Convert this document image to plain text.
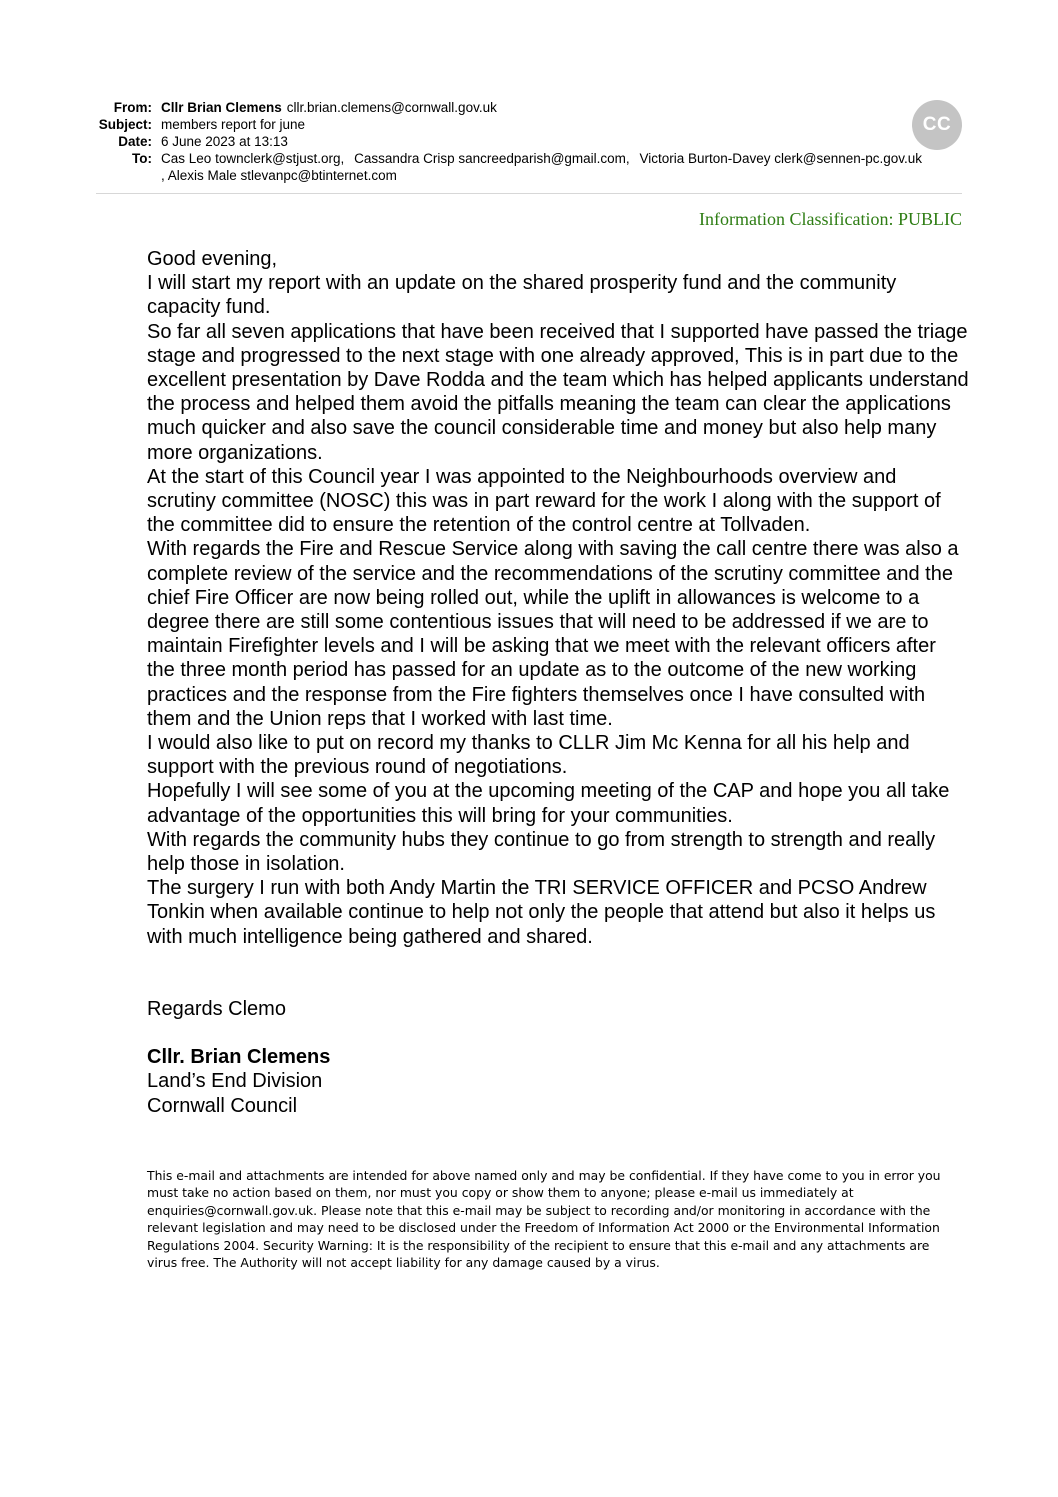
From: Cllr Brian Clemens cllr.brian.clemens@cornwall.gov.uk
Subject: members report for june
Date: 6 June 2023 at 13:13
To: Cas Leo townclerk@stjust.org, Cassandra Crisp sancreedparish@gmail.com, Victoria Burton-Davey clerk@sennen-pc.gov.uk
, Alexis Male stlevanpc@btinternet.com
CC
Information Classification: PUBLIC

Good evening,

I will start my report with an update on the shared prosperity fund and the community capacity fund.

So far all seven applications that have been received that I supported have passed the triage stage and progressed to the next stage with one already approved, This is in part due to the excellent presentation by Dave Rodda and the team which has helped applicants understand the process and helped them avoid the pitfalls meaning the team can clear the applications much quicker and also save the council considerable time and money but also help many more organizations.

At the start of this Council year I was appointed to the Neighbourhoods overview and scrutiny committee (NOSC) this was in part reward for the work I along with the support of the committee did to ensure the retention of the control centre at Tollvaden.

With regards the Fire and Rescue Service along with saving the call centre there was also a complete review of the service and the recommendations of the scrutiny committee and the chief Fire Officer are now being rolled out, while the uplift in allowances is welcome to a degree there are still some contentious issues that will need to be addressed if we are to maintain Firefighter levels and I will be asking that we meet with the relevant officers after the three month period has passed for an update as to the outcome of the new working practices and the response from the Fire fighters themselves once I have consulted with them and the Union reps that I worked with last time.

I would also like to put on record my thanks to CLLR Jim Mc Kenna for all his help and support with the previous round of negotiations.

Hopefully I will see some of you at the upcoming meeting of the CAP and hope you all take advantage of the opportunities this will bring for your communities.

With regards the community hubs they continue to go from strength to strength and really help those in isolation.

The surgery I run with both Andy Martin the TRI SERVICE OFFICER and PCSO Andrew Tonkin when available continue to help not only the people that attend but also it helps us with much intelligence being gathered and shared.

Regards Clemo

Cllr. Brian Clemens

Land’s End Division

Cornwall Council

This e-mail and attachments are intended for above named only and may be confidential. If they have come to you in error you must take no action based on them, nor must you copy or show them to anyone; please e-mail us immediately at enquiries@cornwall.gov.uk. Please note that this e-mail may be subject to recording and/or monitoring in accordance with the relevant legislation and may need to be disclosed under the Freedom of Information Act 2000 or the Environmental Information Regulations 2004. Security Warning: It is the responsibility of the recipient to ensure that this e-mail and any attachments are virus free. The Authority will not accept liability for any damage caused by a virus.
